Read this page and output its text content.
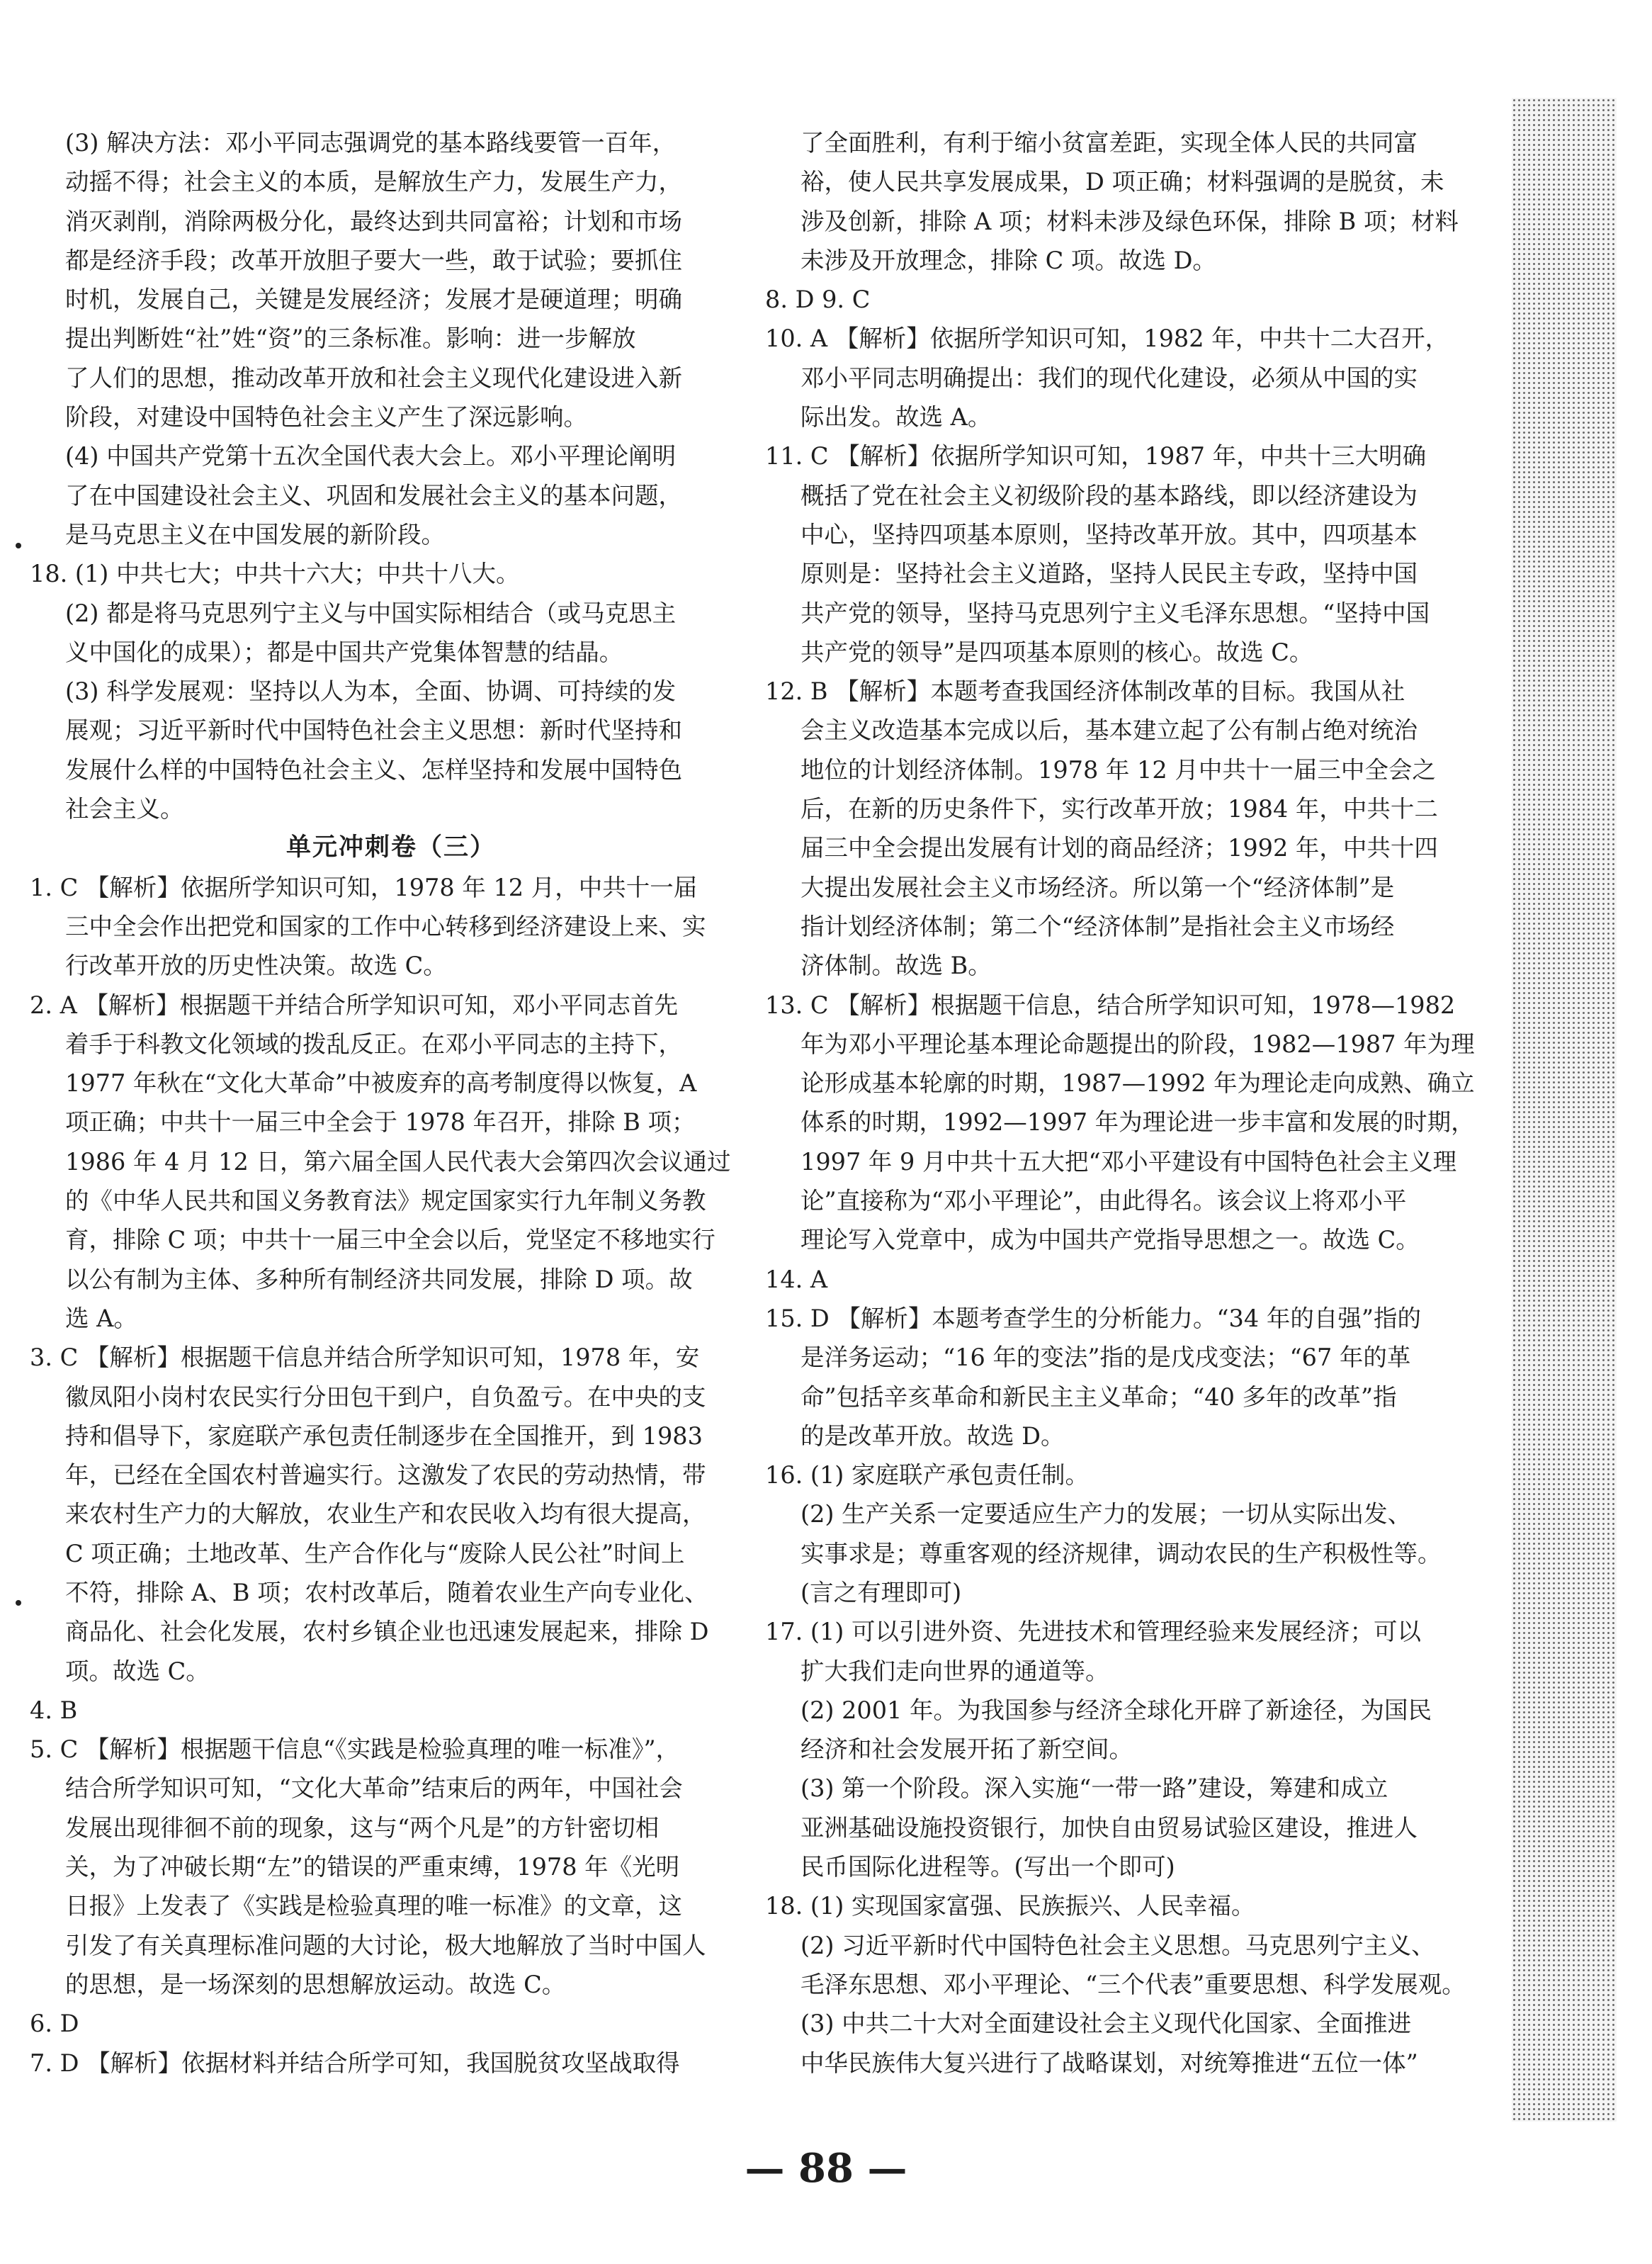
(3) 解决方法：邓小平同志强调党的基本路线要管一百年，
动摇不得；社会主义的本质，是解放生产力，发展生产力，
消灭剥削，消除两极分化，最终达到共同富裕；计划和市场
都是经济手段；改革开放胆子要大一些，敢于试验；要抓住
时机，发展自己，关键是发展经济；发展才是硬道理；明确
提出判断姓“社”姓“资”的三条标准。影响：进一步解放
了人们的思想，推动改革开放和社会主义现代化建设进入新
阶段，对建设中国特色社会主义产生了深远影响。
(4) 中国共产党第十五次全国代表大会上。邓小平理论阐明
了在中国建设社会主义、巩固和发展社会主义的基本问题，
是马克思主义在中国发展的新阶段。
18. (1) 中共七大；中共十六大；中共十八大。
(2) 都是将马克思列宁主义与中国实际相结合（或马克思主
义中国化的成果）；都是中国共产党集体智慧的结晶。
(3) 科学发展观：坚持以人为本，全面、协调、可持续的发
展观；习近平新时代中国特色社会主义思想：新时代坚持和
发展什么样的中国特色社会主义、怎样坚持和发展中国特色
社会主义。
单元冲刺卷（三）
1. C 【解析】依据所学知识可知，1978 年 12 月，中共十一届
三中全会作出把党和国家的工作中心转移到经济建设上来、实
行改革开放的历史性决策。故选 C。
2. A 【解析】根据题干并结合所学知识可知，邓小平同志首先
着手于科教文化领域的拨乱反正。在邓小平同志的主持下，
1977 年秋在“文化大革命”中被废弃的高考制度得以恢复，A
项正确；中共十一届三中全会于 1978 年召开，排除 B 项；
1986 年 4 月 12 日，第六届全国人民代表大会第四次会议通过
的《中华人民共和国义务教育法》规定国家实行九年制义务教
育，排除 C 项；中共十一届三中全会以后，党坚定不移地实行
以公有制为主体、多种所有制经济共同发展，排除 D 项。故
选 A。
3. C 【解析】根据题干信息并结合所学知识可知，1978 年，安
徽凤阳小岗村农民实行分田包干到户，自负盈亏。在中央的支
持和倡导下，家庭联产承包责任制逐步在全国推开，到 1983
年，已经在全国农村普遍实行。这激发了农民的劳动热情，带
来农村生产力的大解放，农业生产和农民收入均有很大提高，
C 项正确；土地改革、生产合作化与“废除人民公社”时间上
不符，排除 A、B 项；农村改革后，随着农业生产向专业化、
商品化、社会化发展，农村乡镇企业也迅速发展起来，排除 D
项。故选 C。
4. B
5. C 【解析】根据题干信息“《实践是检验真理的唯一标准》”，
结合所学知识可知，“文化大革命”结束后的两年，中国社会
发展出现徘徊不前的现象，这与“两个凡是”的方针密切相
关，为了冲破长期“左”的错误的严重束缚，1978 年《光明
日报》上发表了《实践是检验真理的唯一标准》的文章，这
引发了有关真理标准问题的大讨论，极大地解放了当时中国人
的思想，是一场深刻的思想解放运动。故选 C。
6. D
7. D 【解析】依据材料并结合所学可知，我国脱贫攻坚战取得
了全面胜利，有利于缩小贫富差距，实现全体人民的共同富
裕，使人民共享发展成果，D 项正确；材料强调的是脱贫，未
涉及创新，排除 A 项；材料未涉及绿色环保，排除 B 项；材料
未涉及开放理念，排除 C 项。故选 D。
8. D 9. C
10. A 【解析】依据所学知识可知，1982 年，中共十二大召开，
邓小平同志明确提出：我们的现代化建设，必须从中国的实
际出发。故选 A。
11. C 【解析】依据所学知识可知，1987 年，中共十三大明确
概括了党在社会主义初级阶段的基本路线，即以经济建设为
中心，坚持四项基本原则，坚持改革开放。其中，四项基本
原则是：坚持社会主义道路，坚持人民民主专政，坚持中国
共产党的领导，坚持马克思列宁主义毛泽东思想。“坚持中国
共产党的领导”是四项基本原则的核心。故选 C。
12. B 【解析】本题考查我国经济体制改革的目标。我国从社
会主义改造基本完成以后，基本建立起了公有制占绝对统治
地位的计划经济体制。1978 年 12 月中共十一届三中全会之
后，在新的历史条件下，实行改革开放；1984 年，中共十二
届三中全会提出发展有计划的商品经济；1992 年，中共十四
大提出发展社会主义市场经济。所以第一个“经济体制”是
指计划经济体制；第二个“经济体制”是指社会主义市场经
济体制。故选 B。
13. C 【解析】根据题干信息，结合所学知识可知，1978—1982
年为邓小平理论基本理论命题提出的阶段，1982—1987 年为理
论形成基本轮廓的时期，1987—1992 年为理论走向成熟、确立
体系的时期，1992—1997 年为理论进一步丰富和发展的时期，
1997 年 9 月中共十五大把“邓小平建设有中国特色社会主义理
论”直接称为“邓小平理论”，由此得名。该会议上将邓小平
理论写入党章中，成为中国共产党指导思想之一。故选 C。
14. A
15. D 【解析】本题考查学生的分析能力。“34 年的自强”指的
是洋务运动；“16 年的变法”指的是戊戌变法；“67 年的革
命”包括辛亥革命和新民主主义革命；“40 多年的改革”指
的是改革开放。故选 D。
16. (1) 家庭联产承包责任制。
(2) 生产关系一定要适应生产力的发展；一切从实际出发、
实事求是；尊重客观的经济规律，调动农民的生产积极性等。
(言之有理即可)
17. (1) 可以引进外资、先进技术和管理经验来发展经济；可以
扩大我们走向世界的通道等。
(2) 2001 年。为我国参与经济全球化开辟了新途径，为国民
经济和社会发展开拓了新空间。
(3) 第一个阶段。深入实施“一带一路”建设，筹建和成立
亚洲基础设施投资银行，加快自由贸易试验区建设，推进人
民币国际化进程等。(写出一个即可)
18. (1) 实现国家富强、民族振兴、人民幸福。
(2) 习近平新时代中国特色社会主义思想。马克思列宁主义、
毛泽东思想、邓小平理论、“三个代表”重要思想、科学发展观。
(3) 中共二十大对全面建设社会主义现代化国家、全面推进
中华民族伟大复兴进行了战略谋划，对统筹推进“五位一体”
— 88 —
